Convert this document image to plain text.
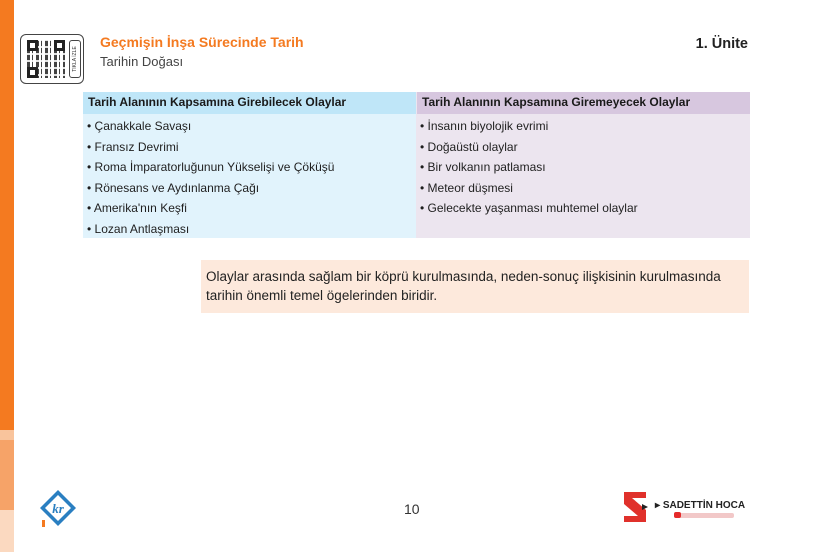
TIKLA İZLE
Geçmişin İnşa Sürecinde Tarih
Tarihin Doğası
1. Ünite
Tarih Alanının Kapsamına Girebilecek Olaylar
• Çanakkale Savaşı
• Fransız Devrimi
• Roma İmparatorluğunun Yükselişi ve Çöküşü
• Rönesans ve Aydınlanma Çağı
• Amerika'nın Keşfi
• Lozan Antlaşması
Tarih Alanının Kapsamına Giremeyecek Olaylar
• İnsanın biyolojik evrimi
• Doğaüstü olaylar
• Bir volkanın patlaması
• Meteor düşmesi
• Gelecekte yaşanması muhtemel olaylar
Olaylar arasında sağlam bir köprü kurulmasında, neden-sonuç ilişkisinin kurulmasında tarihin önemli temel ögelerinden biridir.
kr	10	▸ SADETTİN HOCA
